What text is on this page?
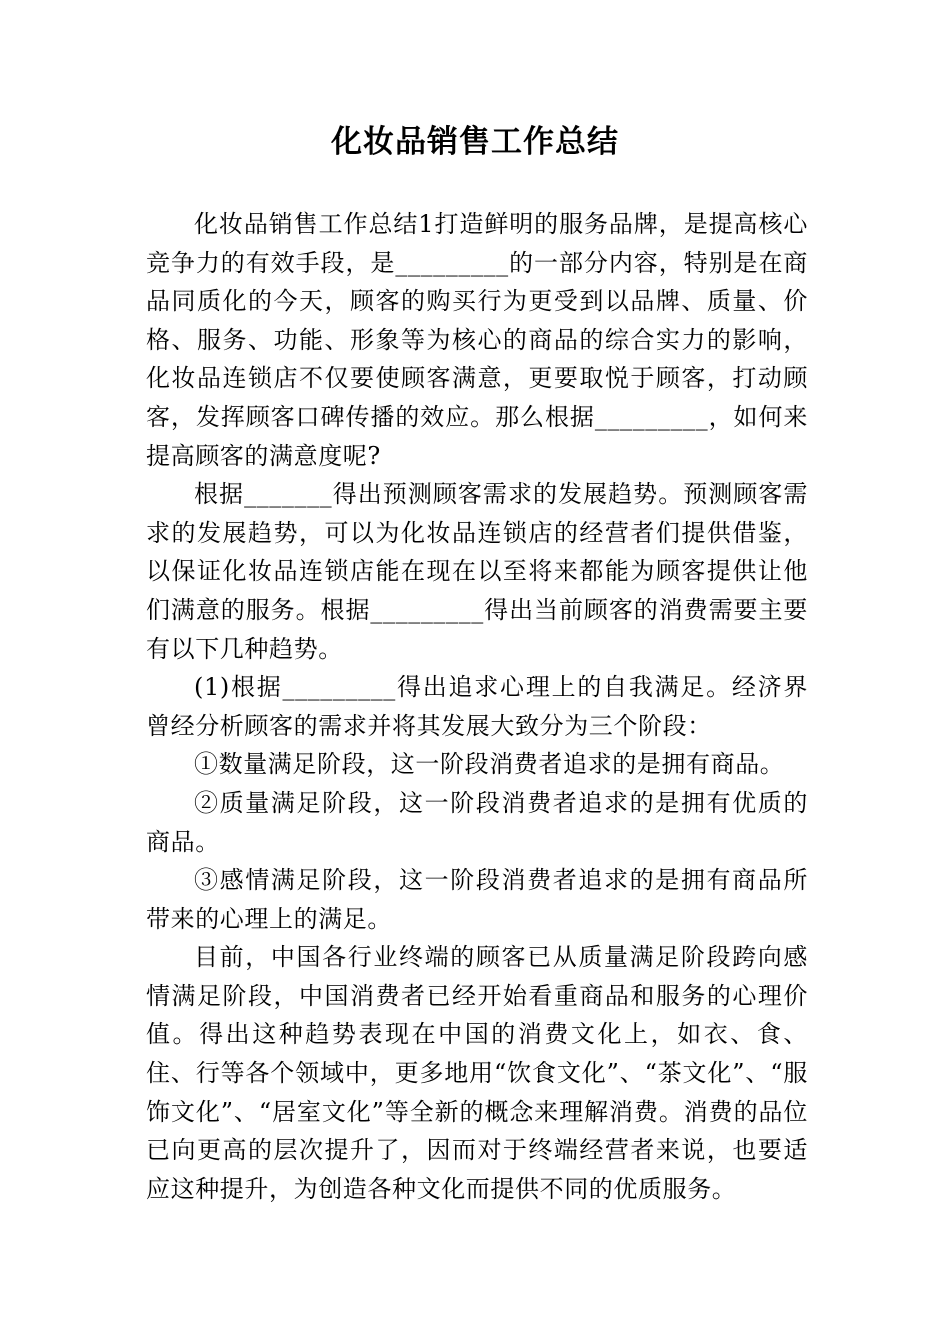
化妆品销售工作总结

化妆品销售工作总结1打造鲜明的服务品牌，是提高核心竞争力的有效手段，是_________的一部分内容，特别是在商品同质化的今天，顾客的购买行为更受到以品牌、质量、价格、服务、功能、形象等为核心的商品的综合实力的影响，化妆品连锁店不仅要使顾客满意，更要取悦于顾客，打动顾客，发挥顾客口碑传播的效应。那么根据_________，如何来提高顾客的满意度呢?

根据_______得出预测顾客需求的发展趋势。预测顾客需求的发展趋势，可以为化妆品连锁店的经营者们提供借鉴，以保证化妆品连锁店能在现在以至将来都能为顾客提供让他们满意的服务。根据_________得出当前顾客的消费需要主要有以下几种趋势。

(1)根据_________得出追求心理上的自我满足。经济界曾经分析顾客的需求并将其发展大致分为三个阶段：

①数量满足阶段，这一阶段消费者追求的是拥有商品。

②质量满足阶段，这一阶段消费者追求的是拥有优质的商品。

③感情满足阶段，这一阶段消费者追求的是拥有商品所带来的心理上的满足。

目前，中国各行业终端的顾客已从质量满足阶段跨向感情满足阶段，中国消费者已经开始看重商品和服务的心理价值。得出这种趋势表现在中国的消费文化上，如衣、食、住、行等各个领域中，更多地用“饮食文化”、“茶文化”、“服饰文化”、“居室文化”等全新的概念来理解消费。消费的品位已向更高的层次提升了，因而对于终端经营者来说，也要适应这种提升，为创造各种文化而提供不同的优质服务。
